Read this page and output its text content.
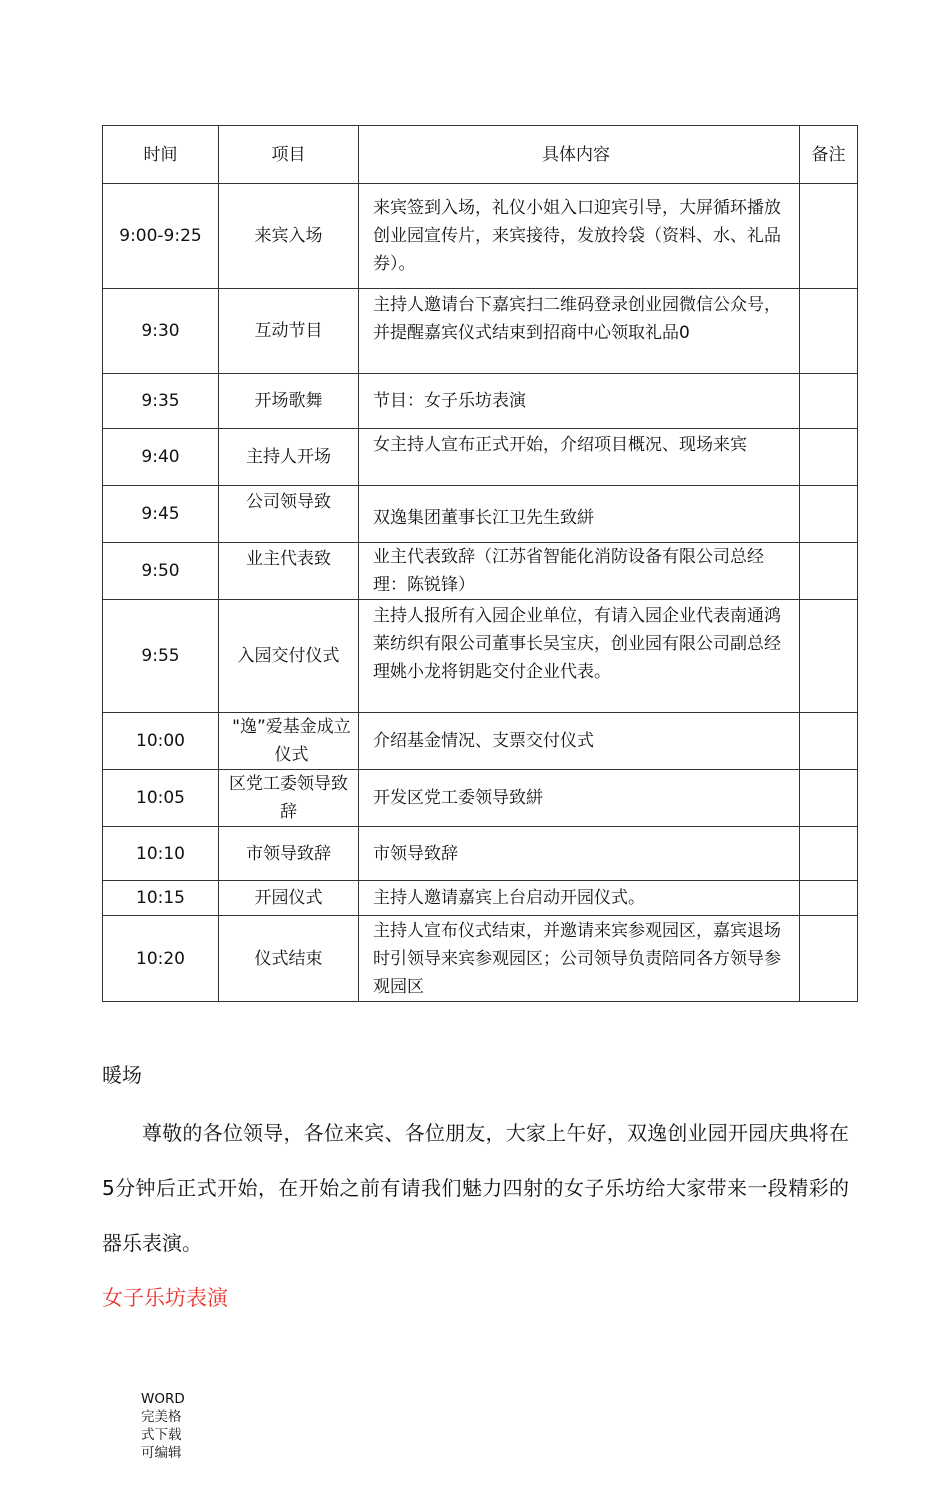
时间	项目	具体内容	备注
9:00-9:25	来宾入场	来宾签到入场，礼仪小姐入口迎宾引导，大屏循环播放创业园宣传片，来宾接待，发放拎袋（资料、水、礼品券）。	
9:30	互动节目	主持人邀请台下嘉宾扫二维码登录创业园微信公众号，并提醒嘉宾仪式结束到招商中心领取礼品0	
9:35	开场歌舞	节目：女子乐坊表演	
9:40	主持人开场	女主持人宣布正式开始，介绍项目概况、现场来宾	
9:45	公司领导致	双逸集团董事长江卫先生致絣	
9:50	业主代表致	业主代表致辞（江苏省智能化消防设备有限公司总经理：陈锐锋）	
9:55	入园交付仪式	主持人报所有入园企业单位，有请入园企业代表南通鸿莱纺织有限公司董事长吴宝庆，创业园有限公司副总经理姚小龙将钥匙交付企业代表。	
10:00	"逸”爱基金成立仪式	介绍基金情况、支票交付仪式	
10:05	区党工委领导致辞	开发区党工委领导致絣	
10:10	市领导致辞	市领导致辞	
10:15	开园仪式	主持人邀请嘉宾上台启动开园仪式。	
10:20	仪式结束	主持人宣布仪式结束，并邀请来宾参观园区，嘉宾退场时引领导来宾参观园区；公司领导负责陪同各方领导参观园区	
暖场

尊敬的各位领导，各位来宾、各位朋友，大家上午好，双逸创业园开园庆典将在5分钟后正式开始，在开始之前有请我们魅力四射的女子乐坊给大家带来一段精彩的器乐表演。

女子乐坊表演
WORD完美格式下载可编辑
